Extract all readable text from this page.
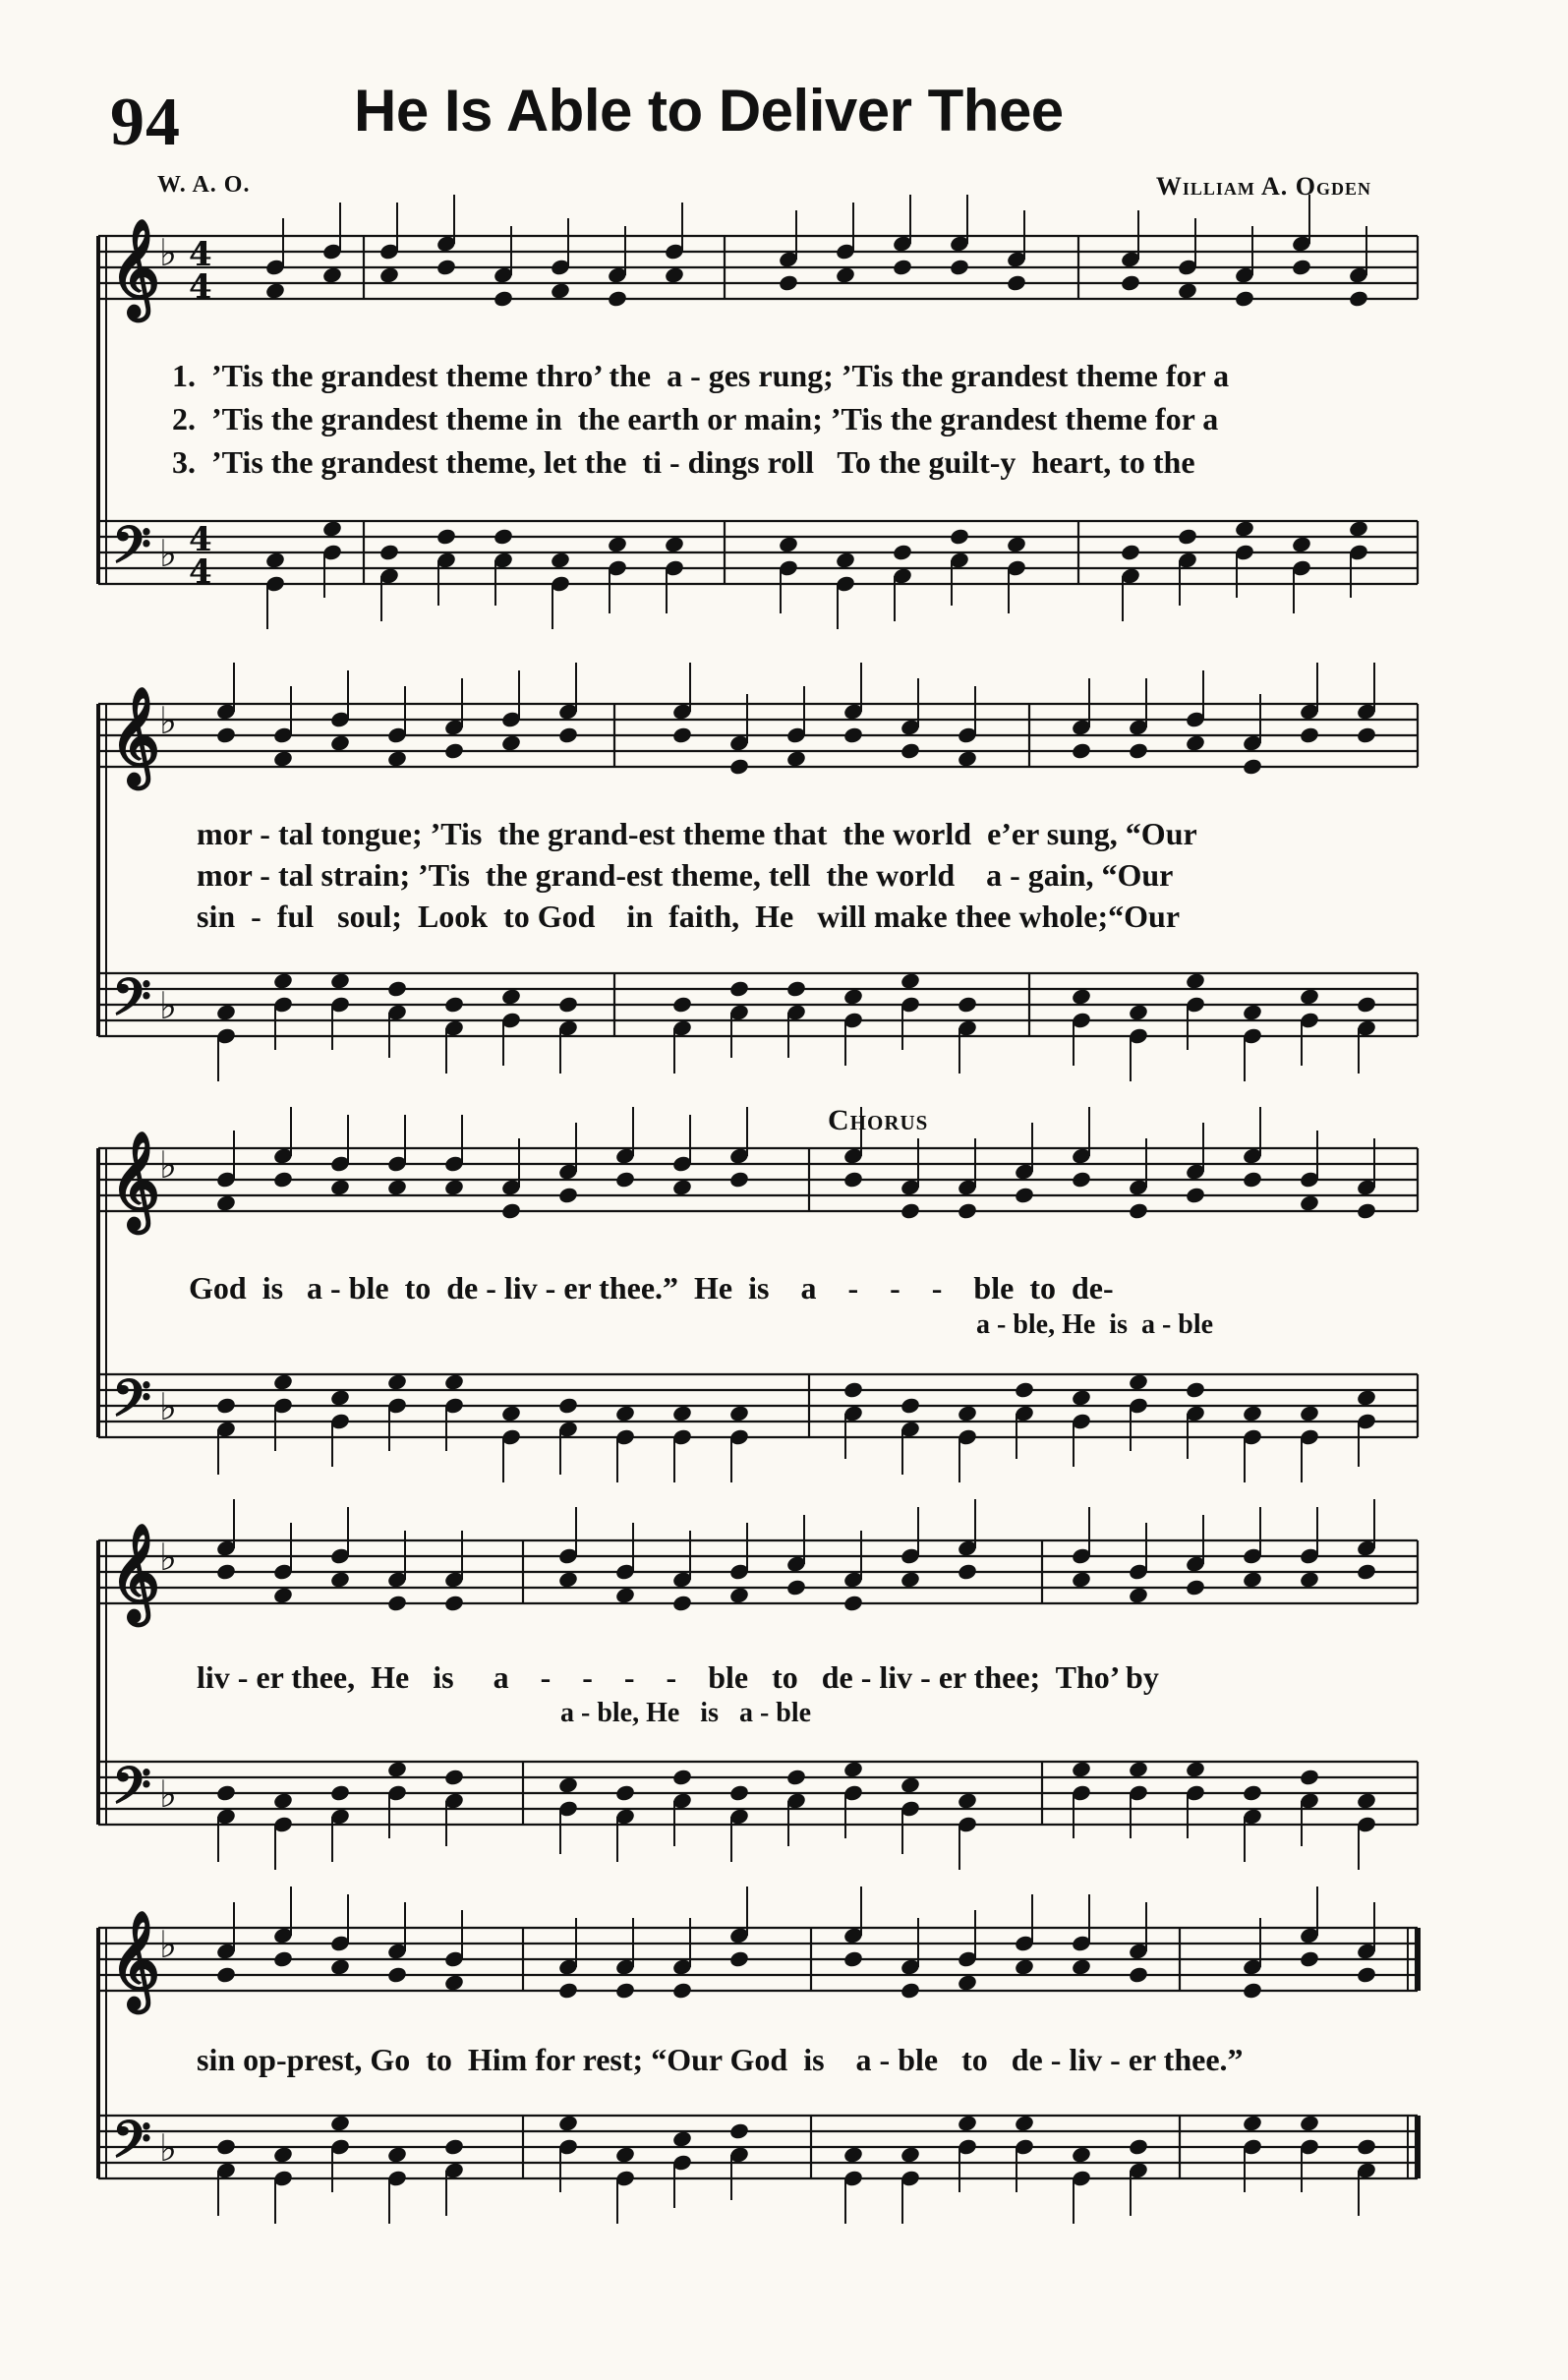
94	He Is Able to Deliver Thee
W. A. O.	William A. Ogden
𝄞
𝄢
♭
♭
4
4
4
4
𝄞
𝄢
♭
♭
𝄞
𝄢
♭
♭
𝄞
𝄢
♭
♭
𝄞
𝄢
♭
♭
Chorus
1.  ’Tis the grandest theme thro’ the  a - ges rung; ’Tis the grandest theme for a
2.  ’Tis the grandest theme in  the earth or main; ’Tis the grandest theme for a
3.  ’Tis the grandest theme, let the  ti - dings roll   To the guilt-y  heart, to the
mor - tal tongue; ’Tis  the grand-est theme that  the world  e’er sung, “Our
mor - tal strain; ’Tis  the grand-est theme, tell  the world    a - gain, “Our
sin  -  ful   soul;  Look  to God    in  faith,  He   will make thee whole;“Our
God  is   a - ble  to  de - liv - er thee.”  He  is    a    -    -    -    ble  to  de-
a - ble, He  is  a - ble
liv - er thee,  He   is     a    -    -    -    -    ble   to   de - liv - er thee;  Tho’ by
a - ble, He   is   a - ble
sin op-prest, Go  to  Him for rest; “Our God  is    a - ble   to   de - liv - er thee.”
